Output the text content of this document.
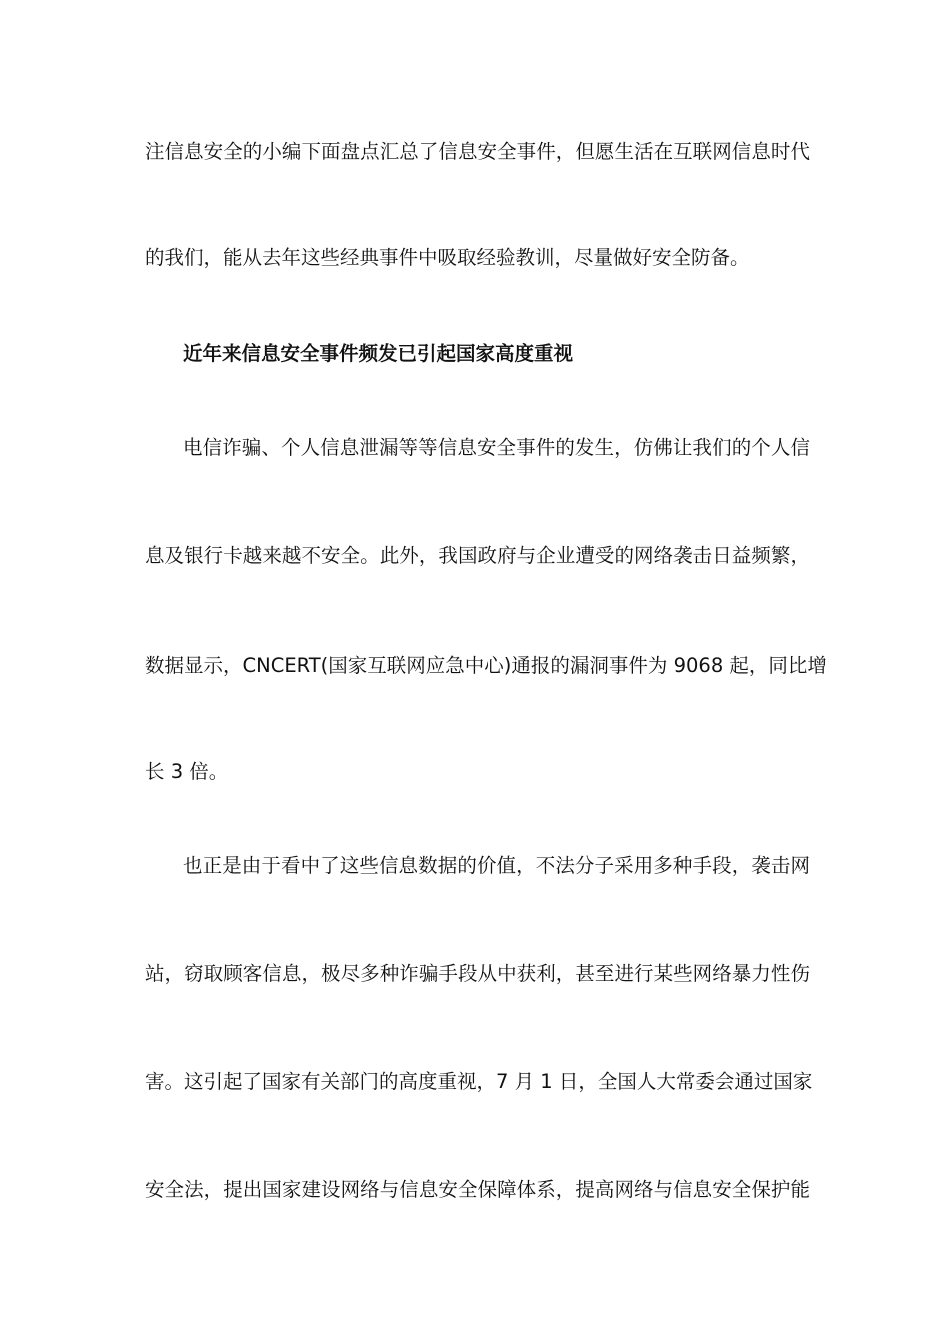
注信息安全的小编下面盘点汇总了信息安全事件，但愿生活在互联网信息时代
的我们，能从去年这些经典事件中吸取经验教训，尽量做好安全防备。
近年来信息安全事件频发已引起国家高度重视
电信诈骗、个人信息泄漏等等信息安全事件的发生，仿佛让我们的个人信
息及银行卡越来越不安全。此外，我国政府与企业遭受的网络袭击日益频繁，
数据显示，CNCERT(国家互联网应急中心)通报的漏洞事件为 9068 起，同比增
长 3 倍。
也正是由于看中了这些信息数据的价值，不法分子采用多种手段，袭击网
站，窃取顾客信息，极尽多种诈骗手段从中获利，甚至进行某些网络暴力性伤
害。这引起了国家有关部门的高度重视，7 月 1 日，全国人大常委会通过国家
安全法，提出国家建设网络与信息安全保障体系，提高网络与信息安全保护能
